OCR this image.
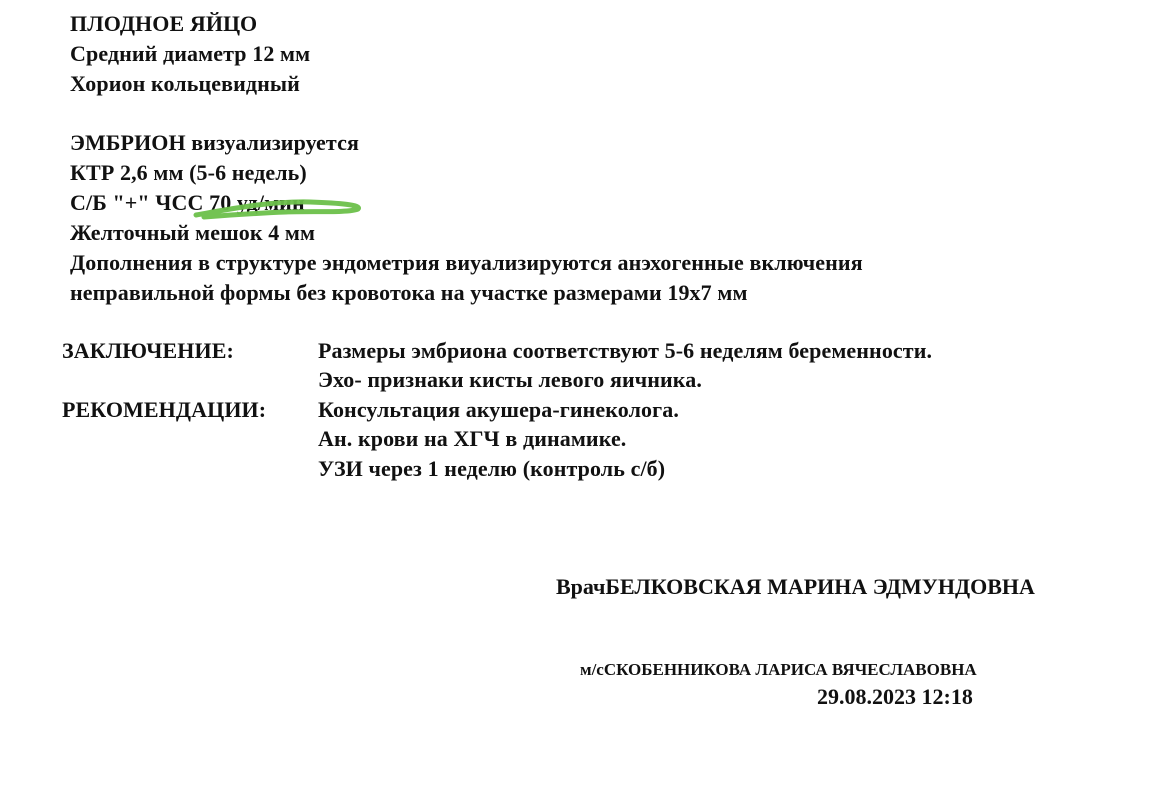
ПЛОДНОЕ ЯЙЦО
Средний диаметр 12 мм
Хорион кольцевидный
ЭМБРИОН визуализируется
КТР 2,6 мм (5-6 недель)
С/Б "+" ЧСС 70 уд/мин
Желточный мешок 4 мм
Дополнения в структуре эндометрия виуализируются анэхогенные включения
неправильной формы без кровотока на участке размерами 19х7 мм
ЗАКЛЮЧЕНИЕ:	Размеры эмбриона соответствуют 5-6 неделям беременности.
Эхо- признаки кисты левого яичника.
РЕКОМЕНДАЦИИ: Консультация акушера-гинеколога.
Ан. крови на ХГЧ в динамике.
УЗИ через 1 неделю (контроль с/б)
ВрачБЕЛКОВСКАЯ МАРИНА ЭДМУНДОВНА
м/сСКОБЕННИКОВА ЛАРИСА ВЯЧЕСЛАВОВНА
29.08.2023 12:18
